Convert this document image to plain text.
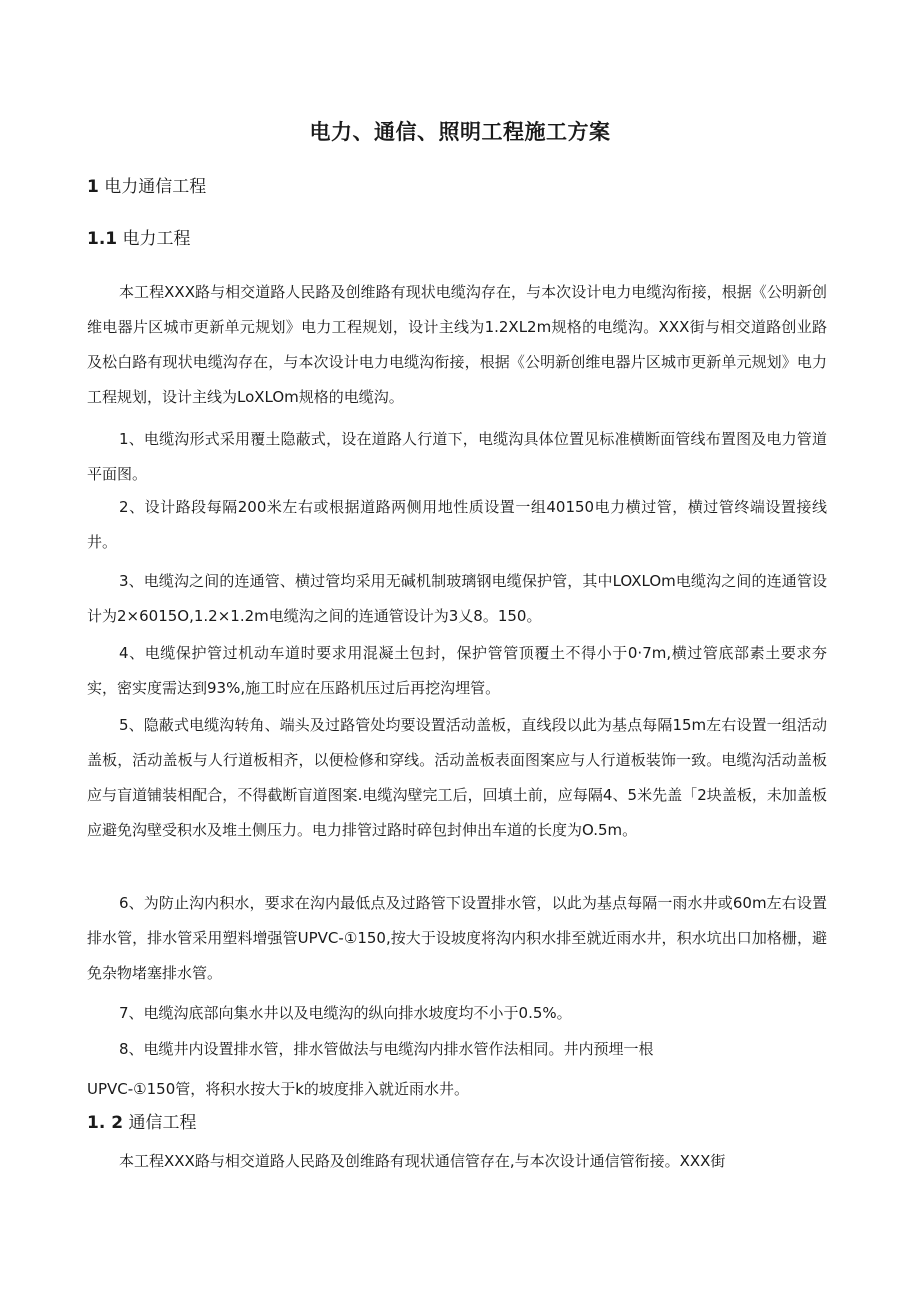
电力、通信、照明工程施工方案
1 电力通信工程
1.1 电力工程
本工程XXX路与相交道路人民路及创维路有现状电缆沟存在，与本次设计电力电缆沟衔接，根据《公明新创维电器片区城市更新单元规划》电力工程规划，设计主线为1.2XL2m规格的电缆沟。XXX街与相交道路创业路及松白路有现状电缆沟存在，与本次设计电力电缆沟衔接，根据《公明新创维电器片区城市更新单元规划》电力工程规划，设计主线为LoXLOm规格的电缆沟。
1、电缆沟形式采用覆土隐蔽式，设在道路人行道下，电缆沟具体位置见标准横断面管线布置图及电力管道平面图。
2、设计路段每隔200米左右或根据道路两侧用地性质设置一组40150电力横过管，横过管终端设置接线井。
3、电缆沟之间的连通管、横过管均采用无碱机制玻璃钢电缆保护管，其中LOXLOm电缆沟之间的连通管设计为2×6015O,1.2×1.2m电缆沟之间的连通管设计为3乂8。150。
4、电缆保护管过机动车道时要求用混凝土包封，保护管管顶覆土不得小于0·7m,横过管底部素土要求夯实，密实度需达到93%,施工时应在压路机压过后再挖沟埋管。
5、隐蔽式电缆沟转角、端头及过路管处均要设置活动盖板，直线段以此为基点每隔15m左右设置一组活动盖板，活动盖板与人行道板相齐，以便检修和穿线。活动盖板表面图案应与人行道板装饰一致。电缆沟活动盖板应与盲道铺装相配合，不得截断盲道图案.电缆沟壁完工后，回填土前，应每隔4、5米先盖「2块盖板，未加盖板应避免沟壁受积水及堆土侧压力。电力排管过路时碎包封伸出车道的长度为O.5m。
6、为防止沟内积水，要求在沟内最低点及过路管下设置排水管，以此为基点每隔一雨水井或60m左右设置排水管，排水管采用塑料增强管UPVC-①150,按大于设坡度将沟内积水排至就近雨水井，积水坑出口加格栅，避免杂物堵塞排水管。
7、电缆沟底部向集水井以及电缆沟的纵向排水坡度均不小于0.5%。
8、电缆井内设置排水管，排水管做法与电缆沟内排水管作法相同。井内预埋一根
UPVC-①150管，将积水按大于k的坡度排入就近雨水井。
1. 2 通信工程
本工程XXX路与相交道路人民路及创维路有现状通信管存在,与本次设计通信管衔接。XXX街
